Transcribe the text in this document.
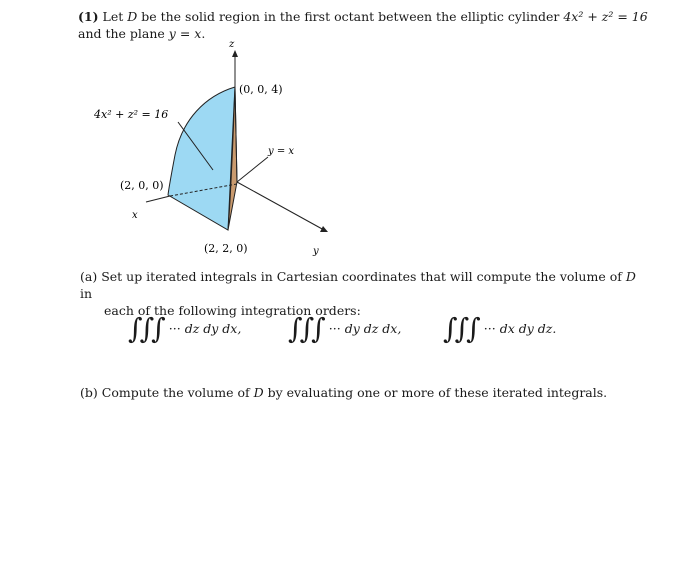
(1) Let D be the solid region in the first octant between the elliptic cylinder 4x² + z² = 16
and the plane y = x.
z
(0, 0, 4)
4x² + z² = 16
y = x
(2, 0, 0)
x
(2, 2, 0)	y
(a) Set up iterated integrals in Cartesian coordinates that will compute the volume of D in
each of the following integration orders:
∫∫∫ ··· dz dy dx, ∫∫∫ ··· dy dz dx, ∫∫∫ ··· dx dy dz.
(b) Compute the volume of D by evaluating one or more of these iterated integrals.
